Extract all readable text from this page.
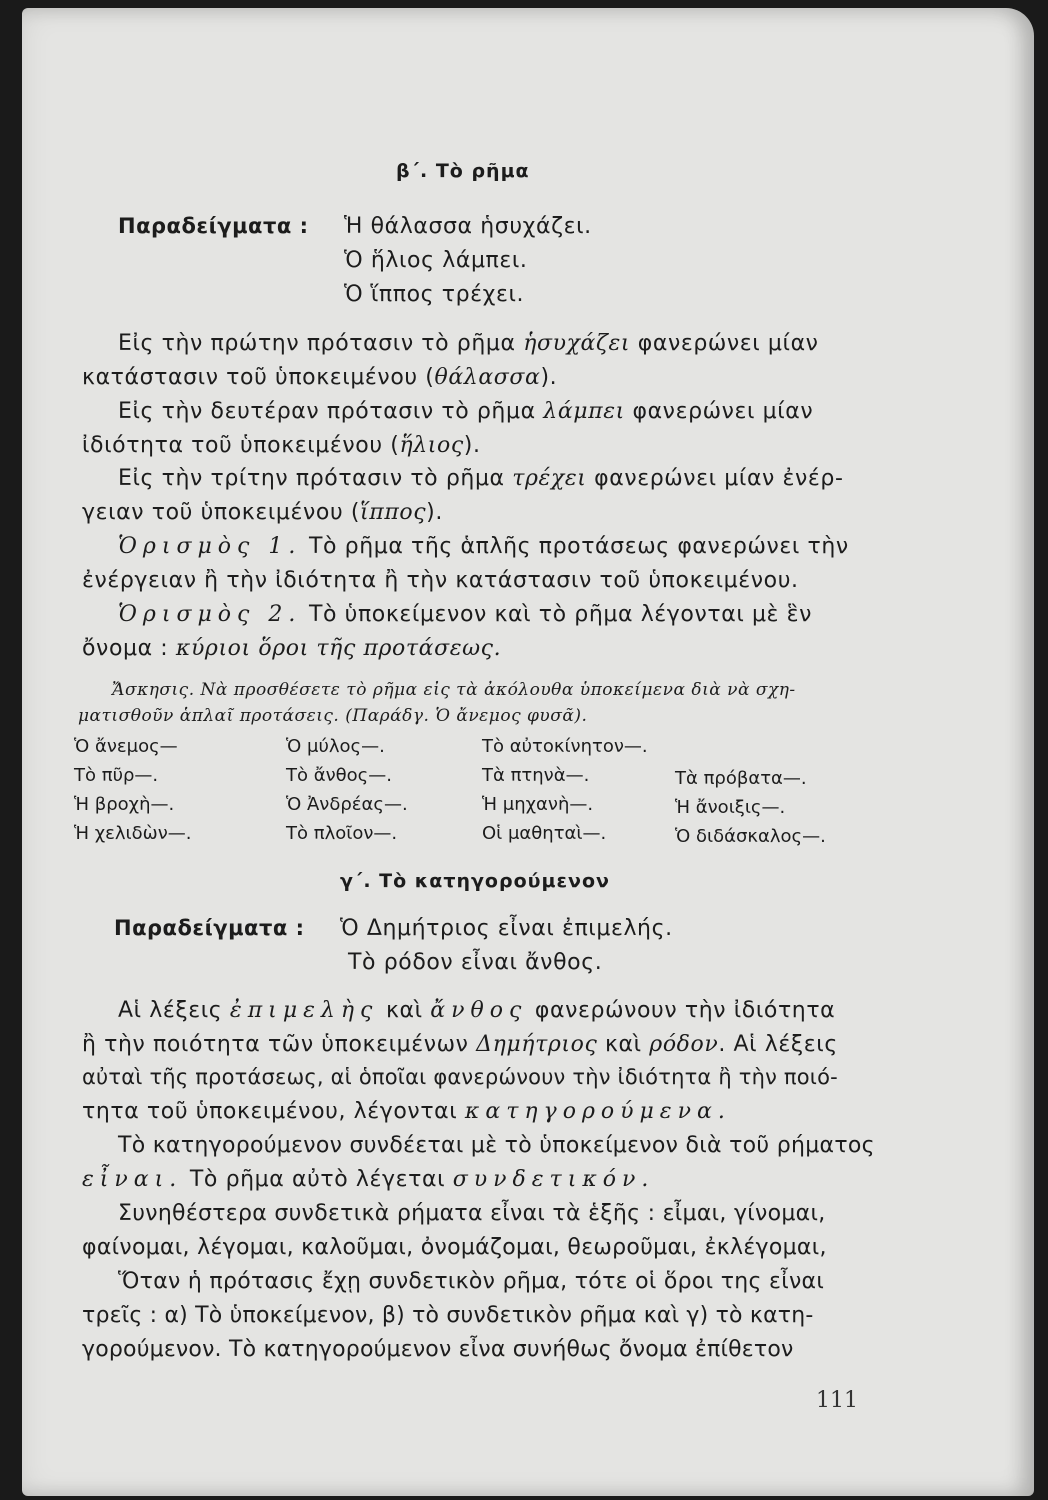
β΄. Τὸ ρῆμα
Παραδείγματα : Ἡ θάλασσα ἡσυχάζει.
Ὁ ἥλιος λάμπει.
Ὁ ἵππος τρέχει.
Εἰς τὴν πρώτην πρότασιν τὸ ρῆμα ἡσυχάζει φανερώνει μίαν
κατάστασιν τοῦ ὑποκειμένου (θάλασσα).
Εἰς τὴν δευτέραν πρότασιν τὸ ρῆμα λάμπει φανερώνει μίαν
ἰδιότητα τοῦ ὑποκειμένου (ἥλιος).
Εἰς τὴν τρίτην πρότασιν τὸ ρῆμα τρέχει φανερώνει μίαν ἐνέρ-
γειαν τοῦ ὑποκειμένου (ἵππος).
Ὁρισμὸς 1. Τὸ ρῆμα τῆς ἁπλῆς προτάσεως φανερώνει τὴν
ἐνέργειαν ἢ τὴν ἰδιότητα ἢ τὴν κατάστασιν τοῦ ὑποκειμένου.
Ὁρισμὸς 2. Τὸ ὑποκείμενον καὶ τὸ ρῆμα λέγονται μὲ ἓν
ὄνομα : κύριοι ὅροι τῆς προτάσεως.
Ἄσκησις. Νὰ προσθέσετε τὸ ρῆμα εἰς τὰ ἀκόλουθα ὑποκείμενα διὰ νὰ σχη-
ματισθοῦν ἁπλαῖ προτάσεις. (Παράδγ. Ὁ ἄνεμος φυσᾶ).
Ὁ ἄνεμος—	Ὁ μύλος—.	Τὸ αὐτοκίνητον—.
Τὸ πῦρ—.	Τὸ ἄνθος—.	Τὰ πτηνὰ—.	Τὰ πρόβατα—.
Ἡ βροχὴ—.	Ὁ Ἀνδρέας—.	Ἡ μηχανὴ—.	Ἡ ἄνοιξις—.
Ἡ χελιδὼν—.	Τὸ πλοῖον—.	Οἱ μαθηταὶ—.	Ὁ διδάσκαλος—.
γ΄. Τὸ κατηγορούμενον
Παραδείγματα : Ὁ Δημήτριος εἶναι ἐπιμελής.
Τὸ ρόδον εἶναι ἄνθος.
Αἱ λέξεις ἐπιμελὴς καὶ ἄνθος φανερώνουν τὴν ἰδιότητα
ἢ τὴν ποιότητα τῶν ὑποκειμένων Δημήτριος καὶ ρόδον. Αἱ λέξεις
αὐταὶ τῆς προτάσεως, αἱ ὁποῖαι φανερώνουν τὴν ἰδιότητα ἢ τὴν ποιό-
τητα τοῦ ὑποκειμένου, λέγονται κατηγορούμενα.
Τὸ κατηγορούμενον συνδέεται μὲ τὸ ὑποκείμενον διὰ τοῦ ρήματος
εἶναι. Τὸ ρῆμα αὐτὸ λέγεται συνδετικόν.
Συνηθέστερα συνδετικὰ ρήματα εἶναι τὰ ἑξῆς : εἶμαι, γίνομαι,
φαίνομαι, λέγομαι, καλοῦμαι, ὀνομάζομαι, θεωροῦμαι, ἐκλέγομαι,
Ὅταν ἡ πρότασις ἔχῃ συνδετικὸν ρῆμα, τότε οἱ ὅροι της εἶναι
τρεῖς : α) Τὸ ὑποκείμενον, β) τὸ συνδετικὸν ρῆμα καὶ γ) τὸ κατη-
γορούμενον. Τὸ κατηγορούμενον εἶνα συνήθως ὄνομα ἐπίθετον
111
